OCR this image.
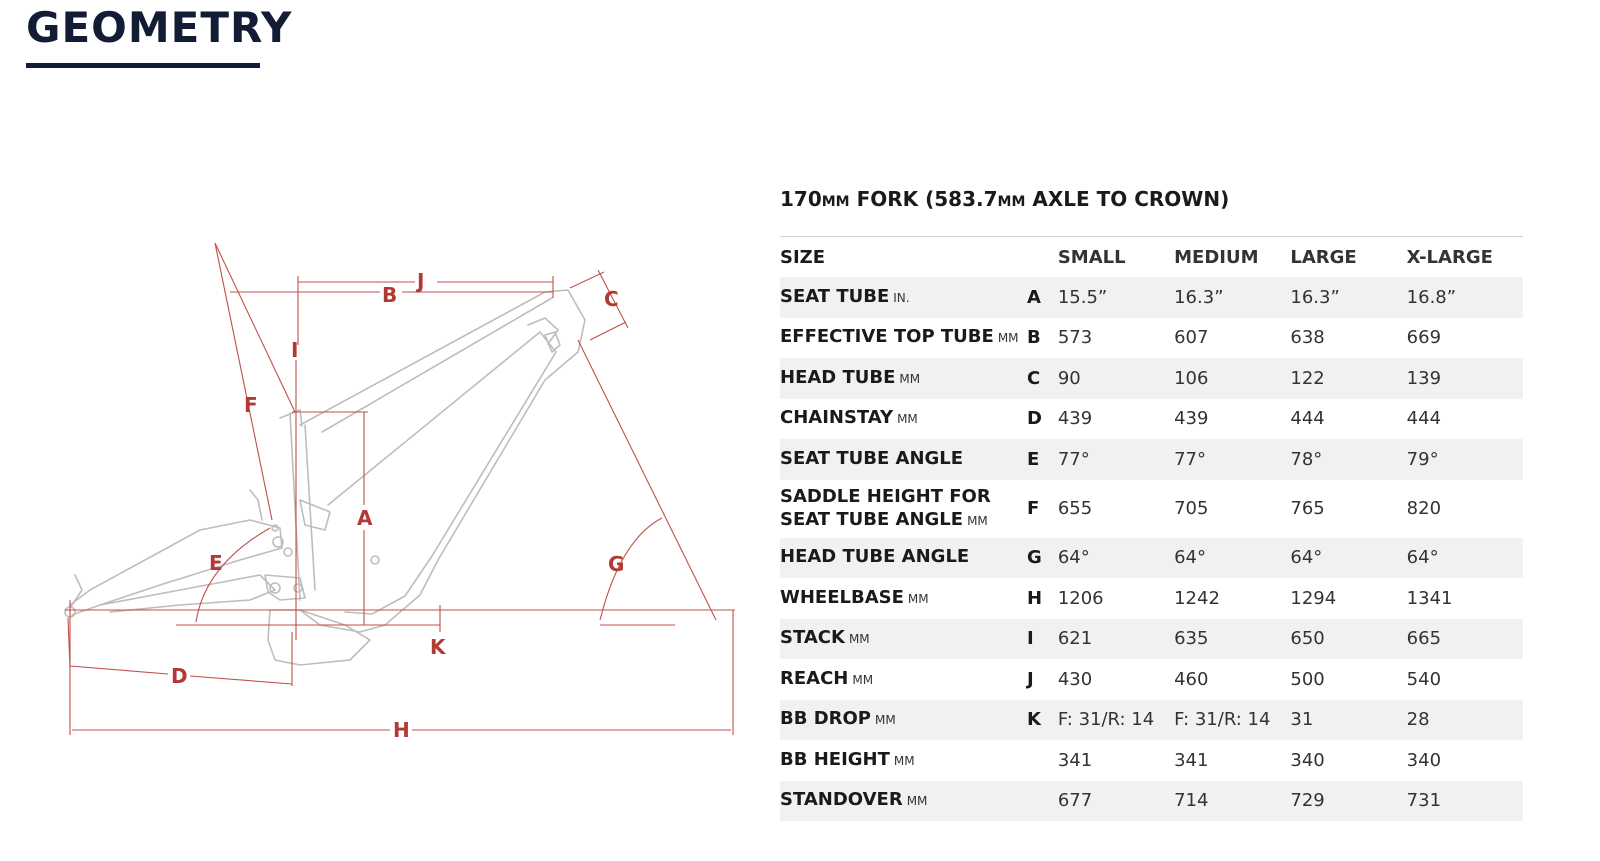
GEOMETRY
A
B	C
D
E
F
G
H
I
J
K
170MM FORK (583.7MM AXLE TO CROWN)
SIZE		SMALL	MEDIUM	LARGE	X-LARGE
SEAT TUBE IN.	A	15.5”	16.3”	16.3”	16.8”
EFFECTIVE TOP TUBE MM	B	573	607	638	669
HEAD TUBE MM	C	90	106	122	139
CHAINSTAY MM	D	439	439	444	444
SEAT TUBE ANGLE	E	77°	77°	78°	79°
SADDLE HEIGHT FOR
SEAT TUBE ANGLE MM	F	655	705	765	820
HEAD TUBE ANGLE	G	64°	64°	64°	64°
WHEELBASE MM	H	1206	1242	1294	1341
STACK MM	I	621	635	650	665
REACH MM	J	430	460	500	540
BB DROP MM	K	F: 31/R: 14	F: 31/R: 14	31	28
BB HEIGHT MM		341	341	340	340
STANDOVER MM		677	714	729	731
